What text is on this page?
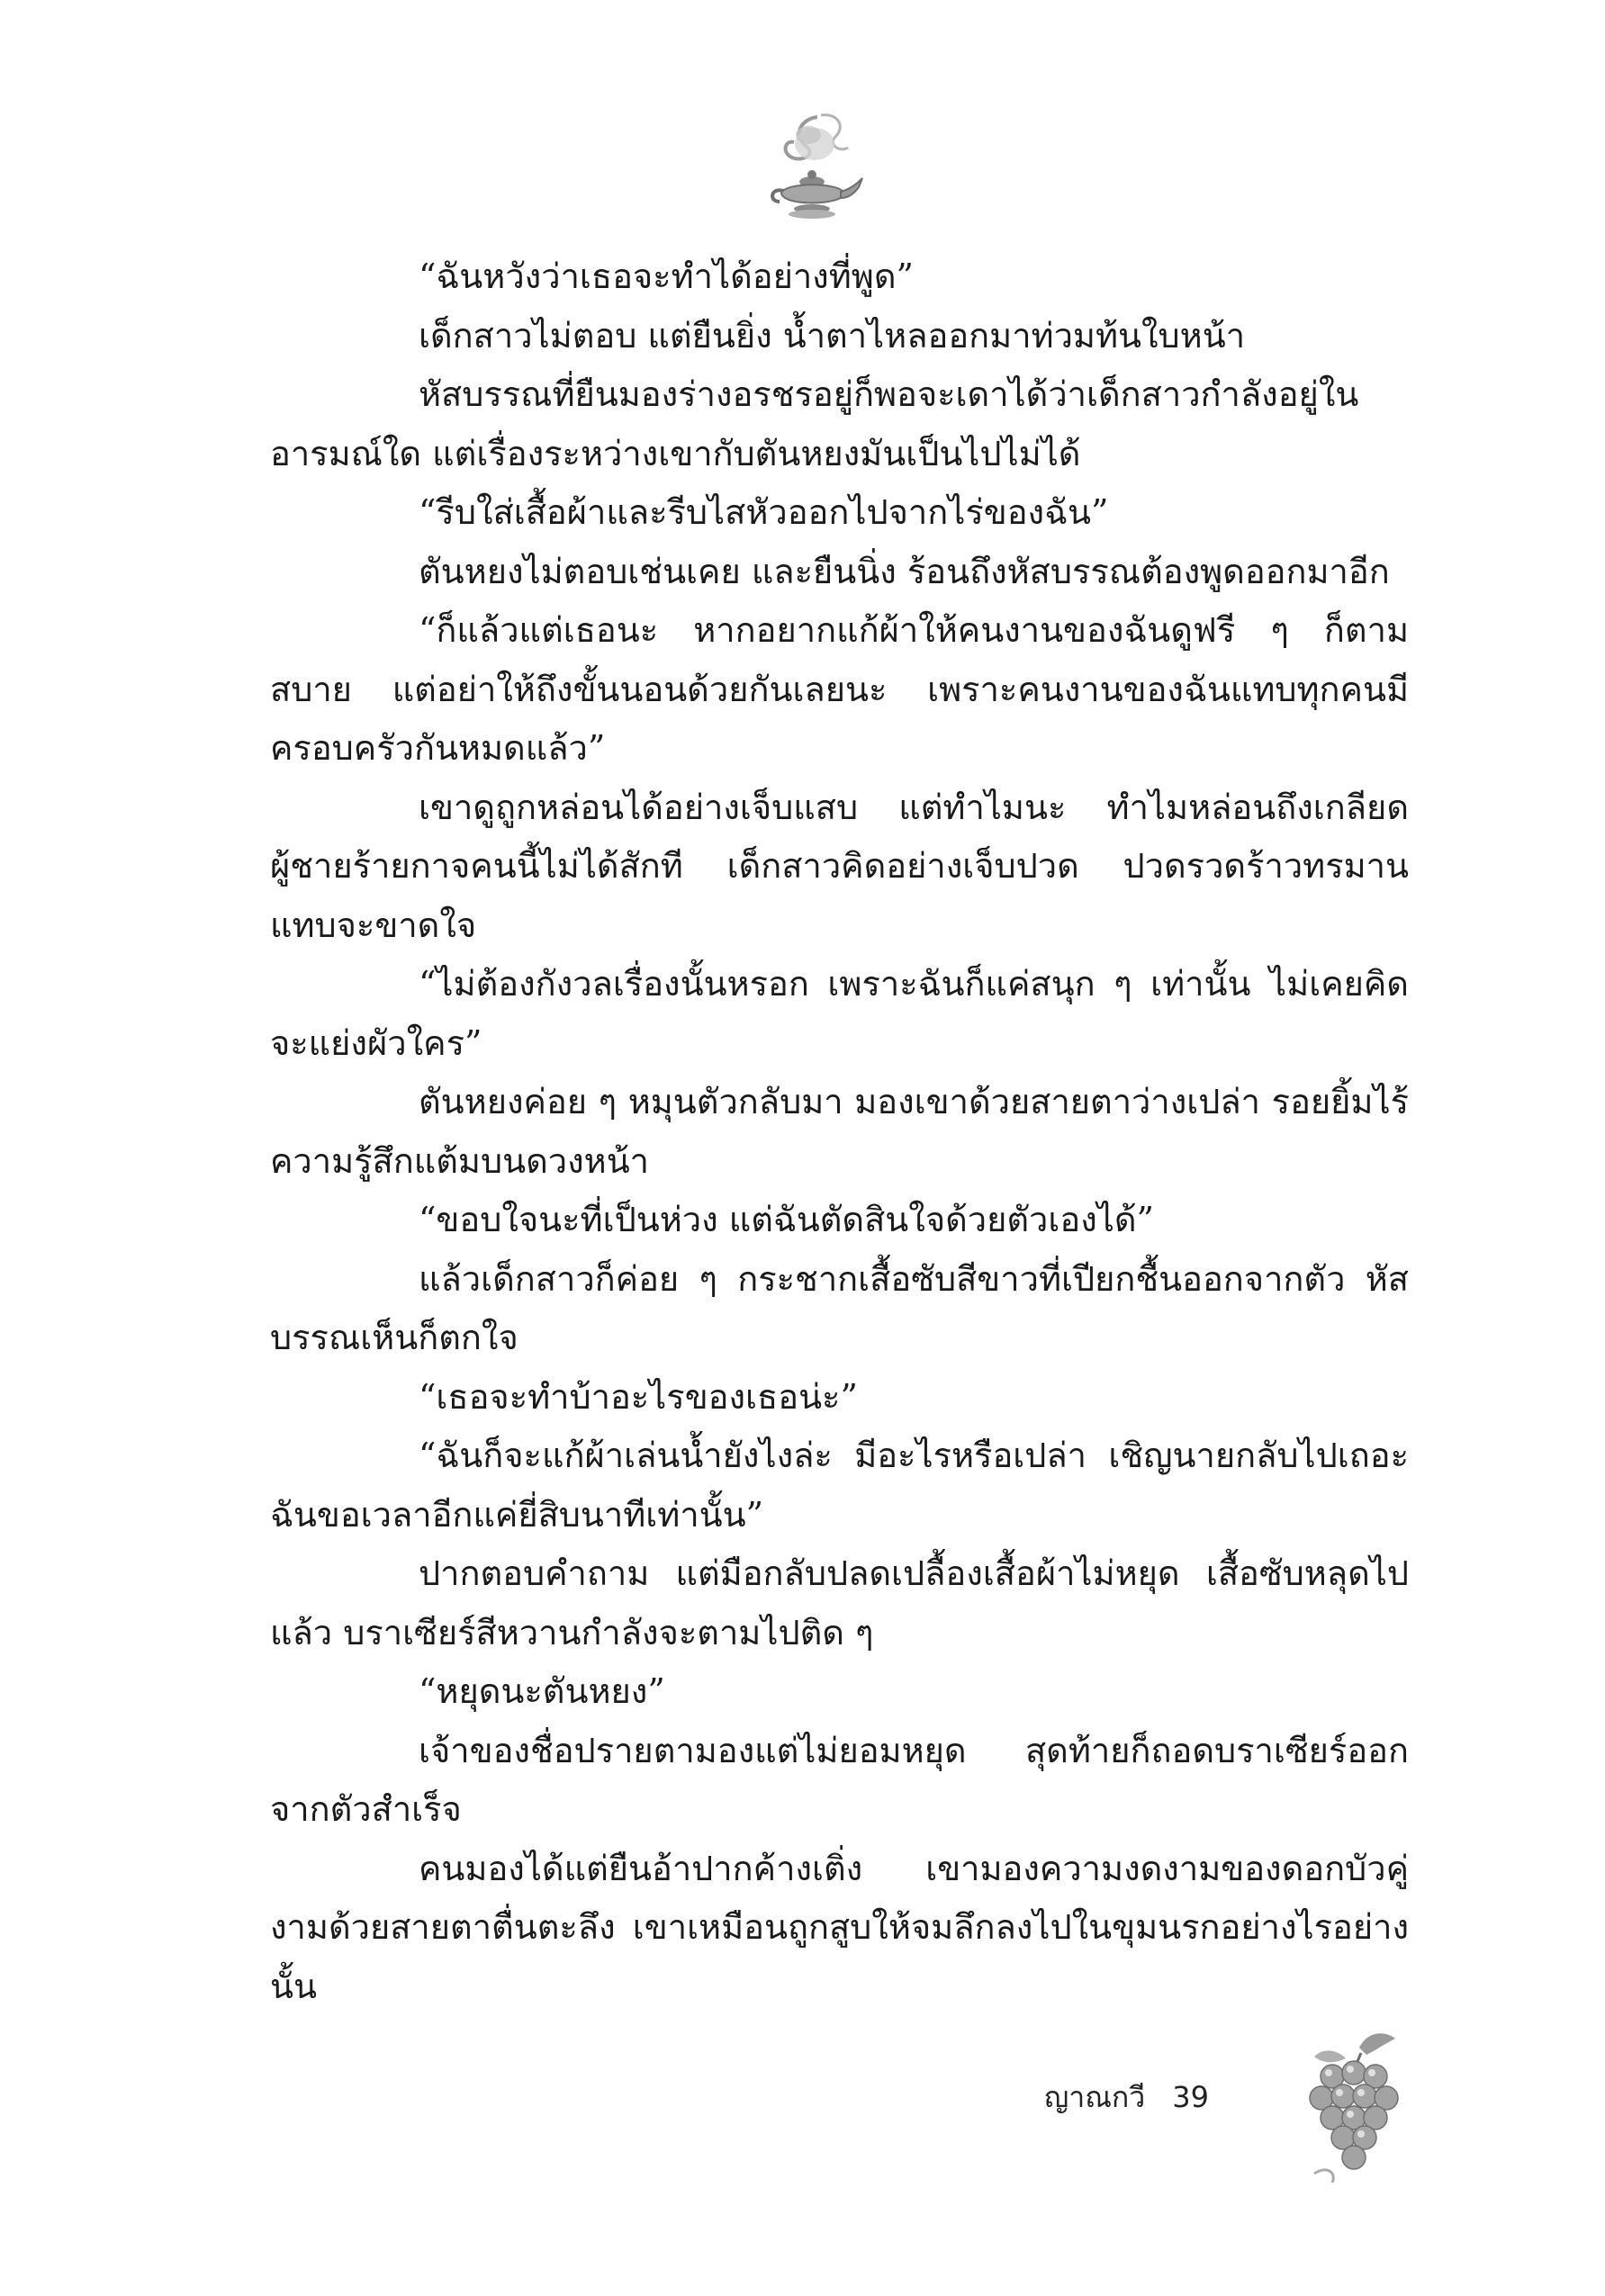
“ฉันหวังว่าเธอจะทำได้อย่างที่พูด”

เด็กสาวไม่ตอบ แต่ยืนยิ่ง น้ำตาไหลออกมาท่วมท้นใบหน้า

หัสบรรณที่ยืนมองร่างอรชรอยู่ก็พอจะเดาได้ว่าเด็กสาวกำลังอยู่ในอารมณ์ใด แต่เรื่องระหว่างเขากับตันหยงมันเป็นไปไม่ได้

“รีบใส่เสื้อผ้าและรีบไสหัวออกไปจากไร่ของฉัน”

ตันหยงไม่ตอบเช่นเคย และยืนนิ่ง ร้อนถึงหัสบรรณต้องพูดออกมาอีก

“ก็แล้วแต่เธอนะ หากอยากแก้ผ้าให้คนงานของฉันดูฟรี ๆ ก็ตามสบาย แต่อย่าให้ถึงขั้นนอนด้วยกันเลยนะ เพราะคนงานของฉันแทบทุกคนมีครอบครัวกันหมดแล้ว”

เขาดูถูกหล่อนได้อย่างเจ็บแสบ แต่ทำไมนะ ทำไมหล่อนถึงเกลียดผู้ชายร้ายกาจคนนี้ไม่ได้สักที เด็กสาวคิดอย่างเจ็บปวด ปวดรวดร้าวทรมานแทบจะขาดใจ

“ไม่ต้องกังวลเรื่องนั้นหรอก เพราะฉันก็แค่สนุก ๆ เท่านั้น ไม่เคยคิดจะแย่งผัวใคร”

ตันหยงค่อย ๆ หมุนตัวกลับมา มองเขาด้วยสายตาว่างเปล่า รอยยิ้มไร้ความรู้สึกแต้มบนดวงหน้า

“ขอบใจนะที่เป็นห่วง แต่ฉันตัดสินใจด้วยตัวเองได้”

แล้วเด็กสาวก็ค่อย ๆ กระชากเสื้อซับสีขาวที่เปียกชื้นออกจากตัว หัสบรรณเห็นก็ตกใจ

“เธอจะทำบ้าอะไรของเธอน่ะ”

“ฉันก็จะแก้ผ้าเล่นน้ำยังไงล่ะ มีอะไรหรือเปล่า เชิญนายกลับไปเถอะ ฉันขอเวลาอีกแค่ยี่สิบนาทีเท่านั้น”

ปากตอบคำถาม แต่มือกลับปลดเปลื้องเสื้อผ้าไม่หยุด เสื้อซับหลุดไปแล้ว บราเซียร์สีหวานกำลังจะตามไปติด ๆ

“หยุดนะตันหยง”

เจ้าของชื่อปรายตามองแต่ไม่ยอมหยุด สุดท้ายก็ถอดบราเซียร์ออกจากตัวสำเร็จ

คนมองได้แต่ยืนอ้าปากค้างเติ่ง เขามองความงดงามของดอกบัวคู่งามด้วยสายตาตื่นตะลึง เขาเหมือนถูกสูบให้จมลึกลงไปในขุมนรกอย่างไรอย่างนั้น

ญาณกวี 39
